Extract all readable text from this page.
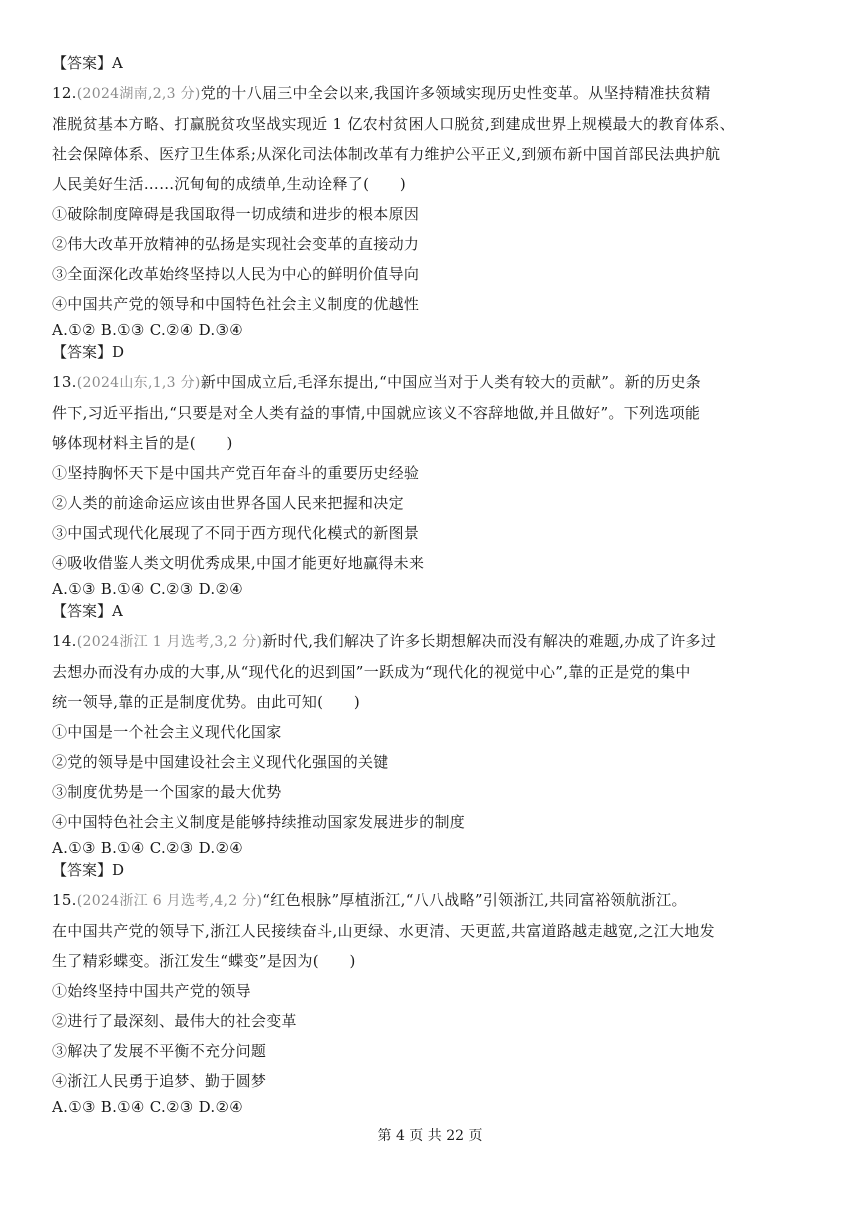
【答案】A
12.(2024湖南,2,3 分)党的十八届三中全会以来,我国许多领域实现历史性变革。从坚持精准扶贫精
准脱贫基本方略、打赢脱贫攻坚战实现近 1 亿农村贫困人口脱贫,到建成世界上规模最大的教育体系、
社会保障体系、医疗卫生体系;从深化司法体制改革有力维护公平正义,到颁布新中国首部民法典护航
人民美好生活……沉甸甸的成绩单,生动诠释了(　　)
①破除制度障碍是我国取得一切成绩和进步的根本原因
②伟大改革开放精神的弘扬是实现社会变革的直接动力
③全面深化改革始终坚持以人民为中心的鲜明价值导向
④中国共产党的领导和中国特色社会主义制度的优越性
A.①② B.①③ C.②④ D.③④
【答案】D
13.(2024山东,1,3 分)新中国成立后,毛泽东提出,“中国应当对于人类有较大的贡献”。新的历史条
件下,习近平指出,“只要是对全人类有益的事情,中国就应该义不容辞地做,并且做好”。下列选项能
够体现材料主旨的是(　　)
①坚持胸怀天下是中国共产党百年奋斗的重要历史经验
②人类的前途命运应该由世界各国人民来把握和决定
③中国式现代化展现了不同于西方现代化模式的新图景
④吸收借鉴人类文明优秀成果,中国才能更好地赢得未来
A.①③ B.①④ C.②③ D.②④
【答案】A
14.(2024浙江 1 月选考,3,2 分)新时代,我们解决了许多长期想解决而没有解决的难题,办成了许多过
去想办而没有办成的大事,从“现代化的迟到国”一跃成为“现代化的视觉中心”,靠的正是党的集中
统一领导,靠的正是制度优势。由此可知(　　)
①中国是一个社会主义现代化国家
②党的领导是中国建设社会主义现代化强国的关键
③制度优势是一个国家的最大优势
④中国特色社会主义制度是能够持续推动国家发展进步的制度
A.①③ B.①④ C.②③ D.②④
【答案】D
15.(2024浙江 6 月选考,4,2 分)“红色根脉”厚植浙江,“八八战略”引领浙江,共同富裕领航浙江。
在中国共产党的领导下,浙江人民接续奋斗,山更绿、水更清、天更蓝,共富道路越走越宽,之江大地发
生了精彩蝶变。浙江发生“蝶变”是因为(　　)
①始终坚持中国共产党的领导
②进行了最深刻、最伟大的社会变革
③解决了发展不平衡不充分问题
④浙江人民勇于追梦、勤于圆梦
A.①③ B.①④ C.②③ D.②④
第 4 页 共 22 页
